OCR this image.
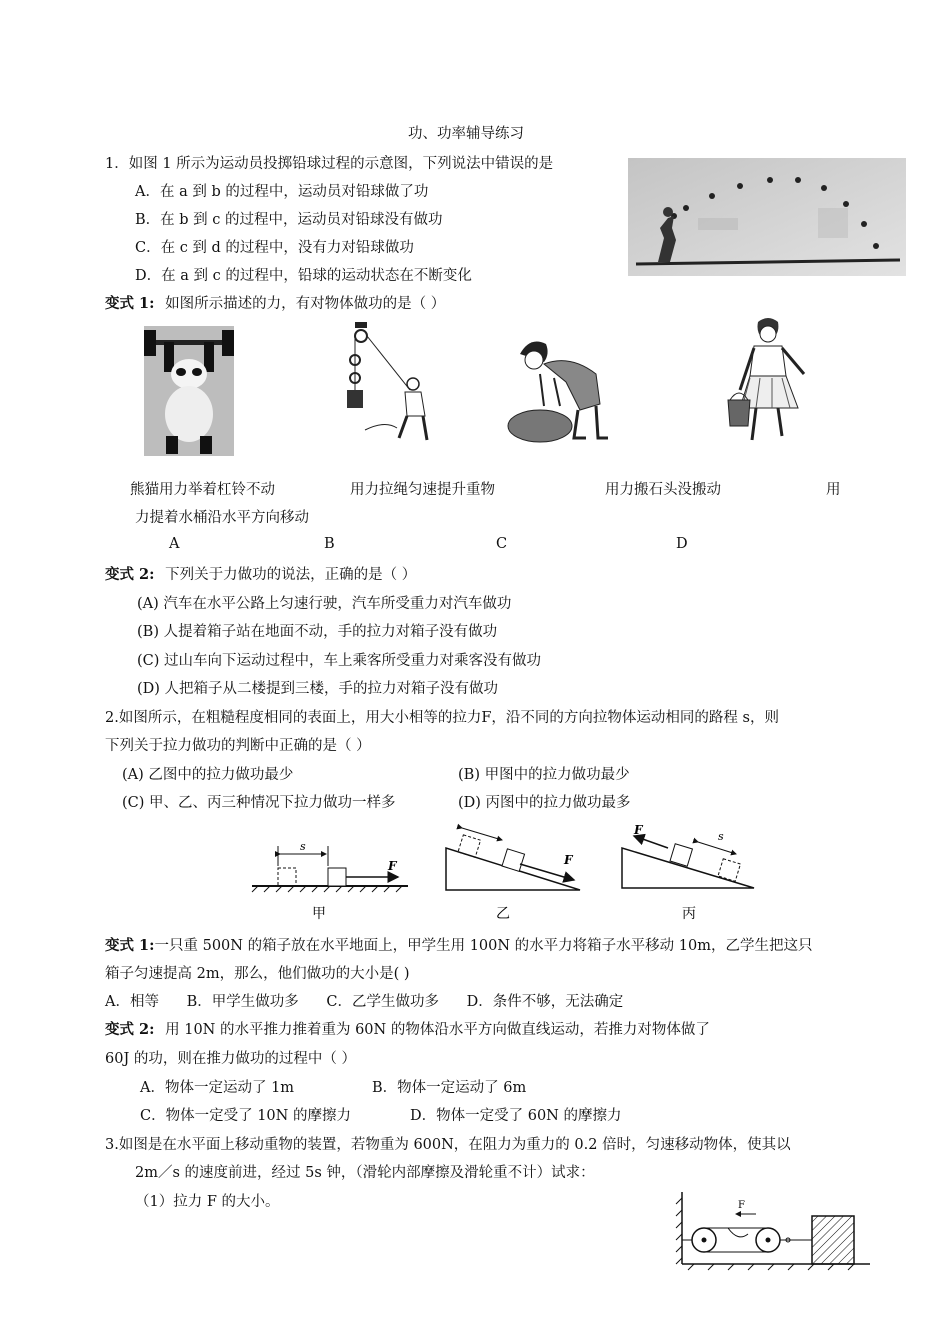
功、功率辅导练习
1．如图 1 所示为运动员投掷铅球过程的示意图，下列说法中错误的是
A．在 a 到 b 的过程中，运动员对铅球做了功
B．在 b 到 c 的过程中，运动员对铅球没有做功
C．在 c 到 d 的过程中，没有力对铅球做功
D．在 a 到 c 的过程中，铅球的运动状态在不断变化
变式 1: 如图所示描述的力，有对物体做功的是（ ）
熊猫用力举着杠铃不动	用力拉绳匀速提升重物	用力搬石头没搬动	用
力提着水桶沿水平方向移动
A	B	C	D
变式 2: 下列关于力做功的说法，正确的是（ ）
(A) 汽车在水平公路上匀速行驶，汽车所受重力对汽车做功
(B) 人提着箱子站在地面不动，手的拉力对箱子没有做功
(C) 过山车向下运动过程中，车上乘客所受重力对乘客没有做功
(D) 人把箱子从二楼提到三楼，手的拉力对箱子没有做功
2.如图所示，在粗糙程度相同的表面上，用大小相等的拉力F，沿不同的方向拉物体运动相同的路程 s，则
下列关于拉力做功的判断中正确的是（ ）
(A) 乙图中的拉力做功最少	(B) 甲图中的拉力做功最少
(C) 甲、乙、丙三种情况下拉力做功一样多	(D) 丙图中的拉力做功最多
s
F
甲
F
乙
F	s
丙
变式 1:一只重 500N 的箱子放在水平地面上，甲学生用 100N 的水平力将箱子水平移动 10m，乙学生把这只
箱子匀速提高 2m，那么，他们做功的大小是( )
A．相等      B．甲学生做功多      C．乙学生做功多      D．条件不够，无法确定
变式 2: 用 10N 的水平推力推着重为 60N 的物体沿水平方向做直线运动，若推力对物体做了
60J 的功，则在推力做功的过程中（ ）
A．物体一定运动了 1m	B．物体一定运动了 6m
C．物体一定受了 10N 的摩擦力	D．物体一定受了 60N 的摩擦力
3.如图是在水平面上移动重物的装置，若物重为 600N，在阻力为重力的 0.2 倍时，匀速移动物体，使其以
2m／s 的速度前进，经过 5s 钟，（滑轮内部摩擦及滑轮重不计）试求：
（1）拉力 F 的大小。	F
